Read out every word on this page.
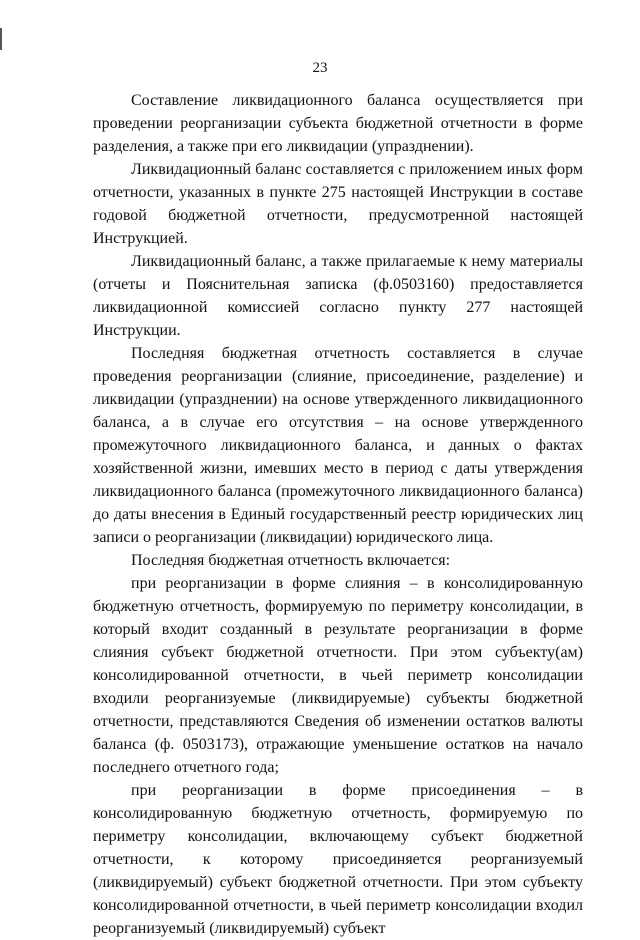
23

Составление ликвидационного баланса осуществляется при проведении реорганизации субъекта бюджетной отчетности в форме разделения, а также при его ликвидации (упразднении).

Ликвидационный баланс составляется с приложением иных форм отчетности, указанных в пункте 275 настоящей Инструкции в составе годовой бюджетной отчетности, предусмотренной настоящей Инструкцией.

Ликвидационный баланс, а также прилагаемые к нему материалы (отчеты и Пояснительная записка (ф.0503160) предоставляется ликвидационной комиссией согласно пункту 277 настоящей Инструкции.

Последняя бюджетная отчетность составляется в случае проведения реорганизации (слияние, присоединение, разделение) и ликвидации (упразднении) на основе утвержденного ликвидационного баланса, а в случае его отсутствия – на основе утвержденного промежуточного ликвидационного баланса, и данных о фактах хозяйственной жизни, имевших место в период с даты утверждения ликвидационного баланса (промежуточного ликвидационного баланса) до даты внесения в Единый государственный реестр юридических лиц записи о реорганизации (ликвидации) юридического лица.

Последняя бюджетная отчетность включается:

при реорганизации в форме слияния – в консолидированную бюджетную отчетность, формируемую по периметру консолидации, в который входит созданный в результате реорганизации в форме слияния субъект бюджетной отчетности. При этом субъекту(ам) консолидированной отчетности, в чьей периметр консолидации входили реорганизуемые (ликвидируемые) субъекты бюджетной отчетности, представляются Сведения об изменении остатков валюты баланса (ф. 0503173), отражающие уменьшение остатков на начало последнего отчетного года;

при реорганизации в форме присоединения – в консолидированную бюджетную отчетность, формируемую по периметру консолидации, включающему субъект бюджетной отчетности, к которому присоединяется реорганизуемый (ликвидируемый) субъект бюджетной отчетности. При этом субъекту консолидированной отчетности, в чьей периметр консолидации входил реорганизуемый (ликвидируемый) субъект
